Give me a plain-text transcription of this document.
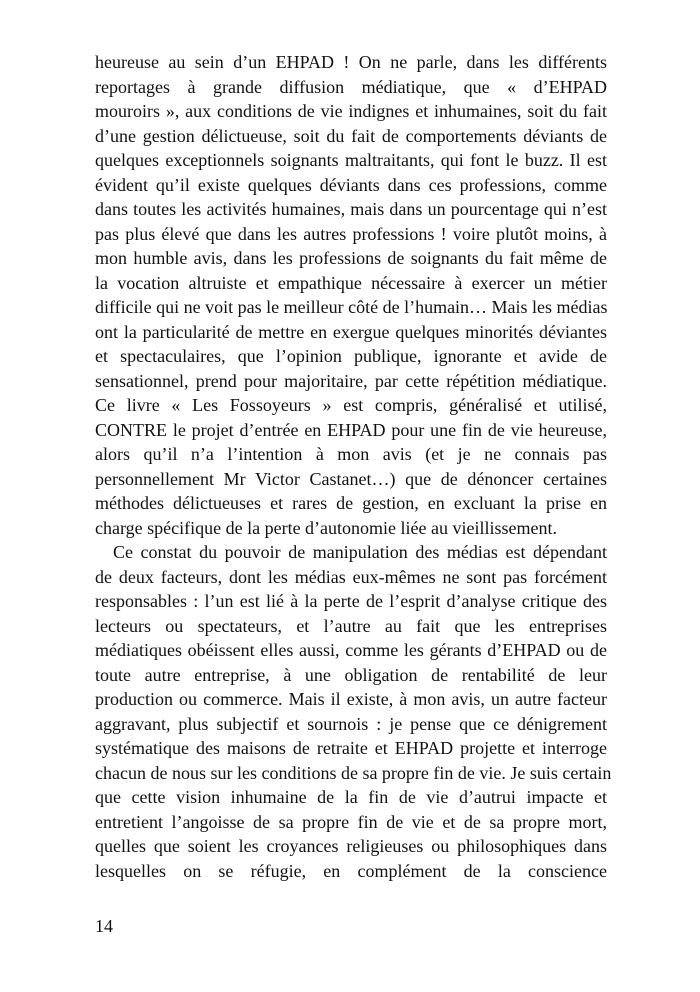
heureuse au sein d’un EHPAD ! On ne parle, dans les différents
reportages à grande diffusion médiatique, que « d’EHPAD
mouroirs », aux conditions de vie indignes et inhumaines, soit du fait
d’une gestion délictueuse, soit du fait de comportements déviants de
quelques exceptionnels soignants maltraitants, qui font le buzz. Il est
évident qu’il existe quelques déviants dans ces professions, comme
dans toutes les activités humaines, mais dans un pourcentage qui n’est
pas plus élevé que dans les autres professions ! voire plutôt moins, à
mon humble avis, dans les professions de soignants du fait même de
la vocation altruiste et empathique nécessaire à exercer un métier
difficile qui ne voit pas le meilleur côté de l’humain… Mais les médias
ont la particularité de mettre en exergue quelques minorités déviantes
et spectaculaires, que l’opinion publique, ignorante et avide de
sensationnel, prend pour majoritaire, par cette répétition médiatique.
Ce livre « Les Fossoyeurs » est compris, généralisé et utilisé,
CONTRE le projet d’entrée en EHPAD pour une fin de vie heureuse,
alors qu’il n’a l’intention à mon avis (et je ne connais pas
personnellement Mr Victor Castanet…) que de dénoncer certaines
méthodes délictueuses et rares de gestion, en excluant la prise en
charge spécifique de la perte d’autonomie liée au vieillissement.
Ce constat du pouvoir de manipulation des médias est dépendant
de deux facteurs, dont les médias eux-mêmes ne sont pas forcément
responsables : l’un est lié à la perte de l’esprit d’analyse critique des
lecteurs ou spectateurs, et l’autre au fait que les entreprises
médiatiques obéissent elles aussi, comme les gérants d’EHPAD ou de
toute autre entreprise, à une obligation de rentabilité de leur
production ou commerce. Mais il existe, à mon avis, un autre facteur
aggravant, plus subjectif et sournois : je pense que ce dénigrement
systématique des maisons de retraite et EHPAD projette et interroge
chacun de nous sur les conditions de sa propre fin de vie. Je suis certain
que cette vision inhumaine de la fin de vie d’autrui impacte et
entretient l’angoisse de sa propre fin de vie et de sa propre mort,
quelles que soient les croyances religieuses ou philosophiques dans
lesquelles on se réfugie, en complément de la conscience
14
